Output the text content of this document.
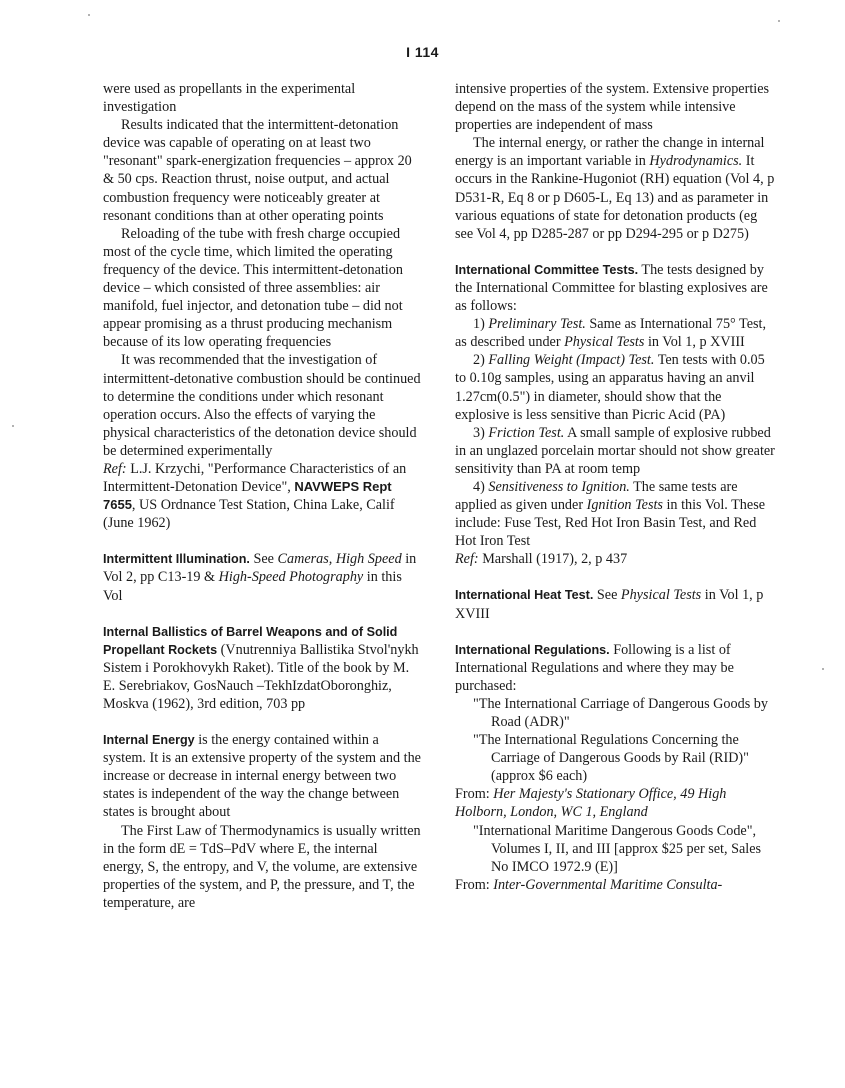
I 114

were used as propellants in the experimental investigation

Results indicated that the intermittent-detonation device was capable of operating on at least two "resonant" spark-energization frequencies – approx 20 & 50 cps. Reaction thrust, noise output, and actual combustion frequency were noticeably greater at resonant conditions than at other operating points

Reloading of the tube with fresh charge occupied most of the cycle time, which limited the operating frequency of the device. This intermittent-detonation device – which consisted of three assemblies: air manifold, fuel injector, and detonation tube – did not appear promising as a thrust producing mechanism because of its low operating frequencies

It was recommended that the investigation of intermittent-detonative combustion should be continued to determine the conditions under which resonant operation occurs. Also the effects of varying the physical characteristics of the detonation device should be determined experimentally

Ref: L.J. Krzychi, "Performance Characteristics of an Intermittent-Detonation Device", NAVWEPS Rept 7655, US Ordnance Test Station, China Lake, Calif (June 1962)

Intermittent Illumination. See Cameras, High Speed in Vol 2, pp C13-19 & High-Speed Photography in this Vol

Internal Ballistics of Barrel Weapons and of Solid Propellant Rockets (Vnutrenniya Ballistika Stvol'nykh Sistem i Porokhovykh Raket). Title of the book by M. E. Serebriakov, GosNauch –TekhIzdatOboronghiz, Moskva (1962), 3rd edition, 703 pp

Internal Energy is the energy contained within a system. It is an extensive property of the system and the increase or decrease in internal energy between two states is independent of the way the change between states is brought about

The First Law of Thermodynamics is usually written in the form dE = TdS–PdV where E, the internal energy, S, the entropy, and V, the volume, are extensive properties of the system, and P, the pressure, and T, the temperature, are

intensive properties of the system. Extensive properties depend on the mass of the system while intensive properties are independent of mass

The internal energy, or rather the change in internal energy is an important variable in Hydrodynamics. It occurs in the Rankine-Hugoniot (RH) equation (Vol 4, p D531-R, Eq 8 or p D605-L, Eq 13) and as parameter in various equations of state for detonation products (eg see Vol 4, pp D285-287 or pp D294-295 or p D275)

International Committee Tests. The tests designed by the International Committee for blasting explosives are as follows:

1) Preliminary Test. Same as International 75° Test, as described under Physical Tests in Vol 1, p XVIII

2) Falling Weight (Impact) Test. Ten tests with 0.05 to 0.10g samples, using an apparatus having an anvil 1.27cm(0.5") in diameter, should show that the explosive is less sensitive than Picric Acid (PA)

3) Friction Test. A small sample of explosive rubbed in an unglazed porcelain mortar should not show greater sensitivity than PA at room temp

4) Sensitiveness to Ignition. The same tests are applied as given under Ignition Tests in this Vol. These include: Fuse Test, Red Hot Iron Basin Test, and Red Hot Iron Test

Ref: Marshall (1917), 2, p 437

International Heat Test. See Physical Tests in Vol 1, p XVIII

International Regulations. Following is a list of International Regulations and where they may be purchased:

"The International Carriage of Dangerous Goods by Road (ADR)"

"The International Regulations Concerning the Carriage of Dangerous Goods by Rail (RID)" (approx $6 each)

From: Her Majesty's Stationary Office, 49 High Holborn, London, WC 1, England

"International Maritime Dangerous Goods Code", Volumes I, II, and III [approx $25 per set, Sales No IMCO 1972.9 (E)]

From: Inter-Governmental Maritime Consulta-
